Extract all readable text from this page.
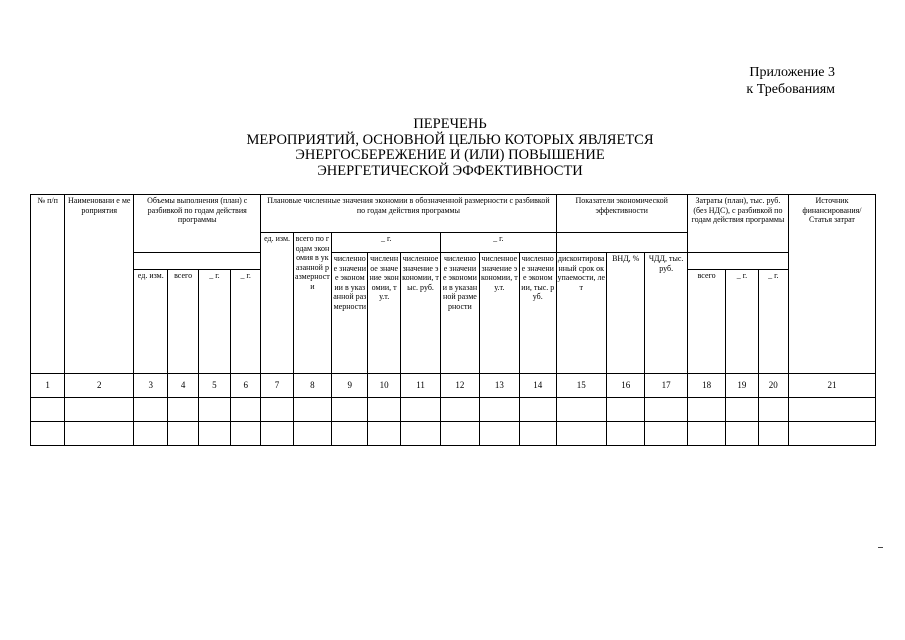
Приложение 3
к Требованиям
ПЕРЕЧЕНЬ
МЕРОПРИЯТИЙ, ОСНОВНОЙ ЦЕЛЬЮ КОТОРЫХ ЯВЛЯЕТСЯ
ЭНЕРГОСБЕРЕЖЕНИЕ И (ИЛИ) ПОВЫШЕНИЕ
ЭНЕРГЕТИЧЕСКОЙ ЭФФЕКТИВНОСТИ
№ п/п	Наименовани е мероприятия	Объемы выполнения (план) с разбивкой по годам действия программы				Плановые численные значения экономии в обозначенной размерности с разбивкой по годам действия программы								Показатели экономической эффективности			Затраты (план), тыс. руб. (без НДС), с разбивкой по годам действия программы			Источник финансирования/ Статья затрат
						ед. изм.	всего по годам экономия в указанной размерности	_ г.			_ г.									
								численное значение экономии в указанной размерности	численное значение экономии, т у.т.	численное значение экономии, тыс. руб.	численное значение экономии в указанной размерности	численное значение экономии, т у.т.	численное значение экономии, тыс. руб.	дисконтированный срок окупаемости, лет	ВНД, %	ЧДД, тыс. руб.				
		ед. изм.	всего	_ г.	_ г.												всего	_ г.	_ г.	
1	2	3	4	5	6	7	8	9	10	11	12	13	14	15	16	17	18	19	20	21
